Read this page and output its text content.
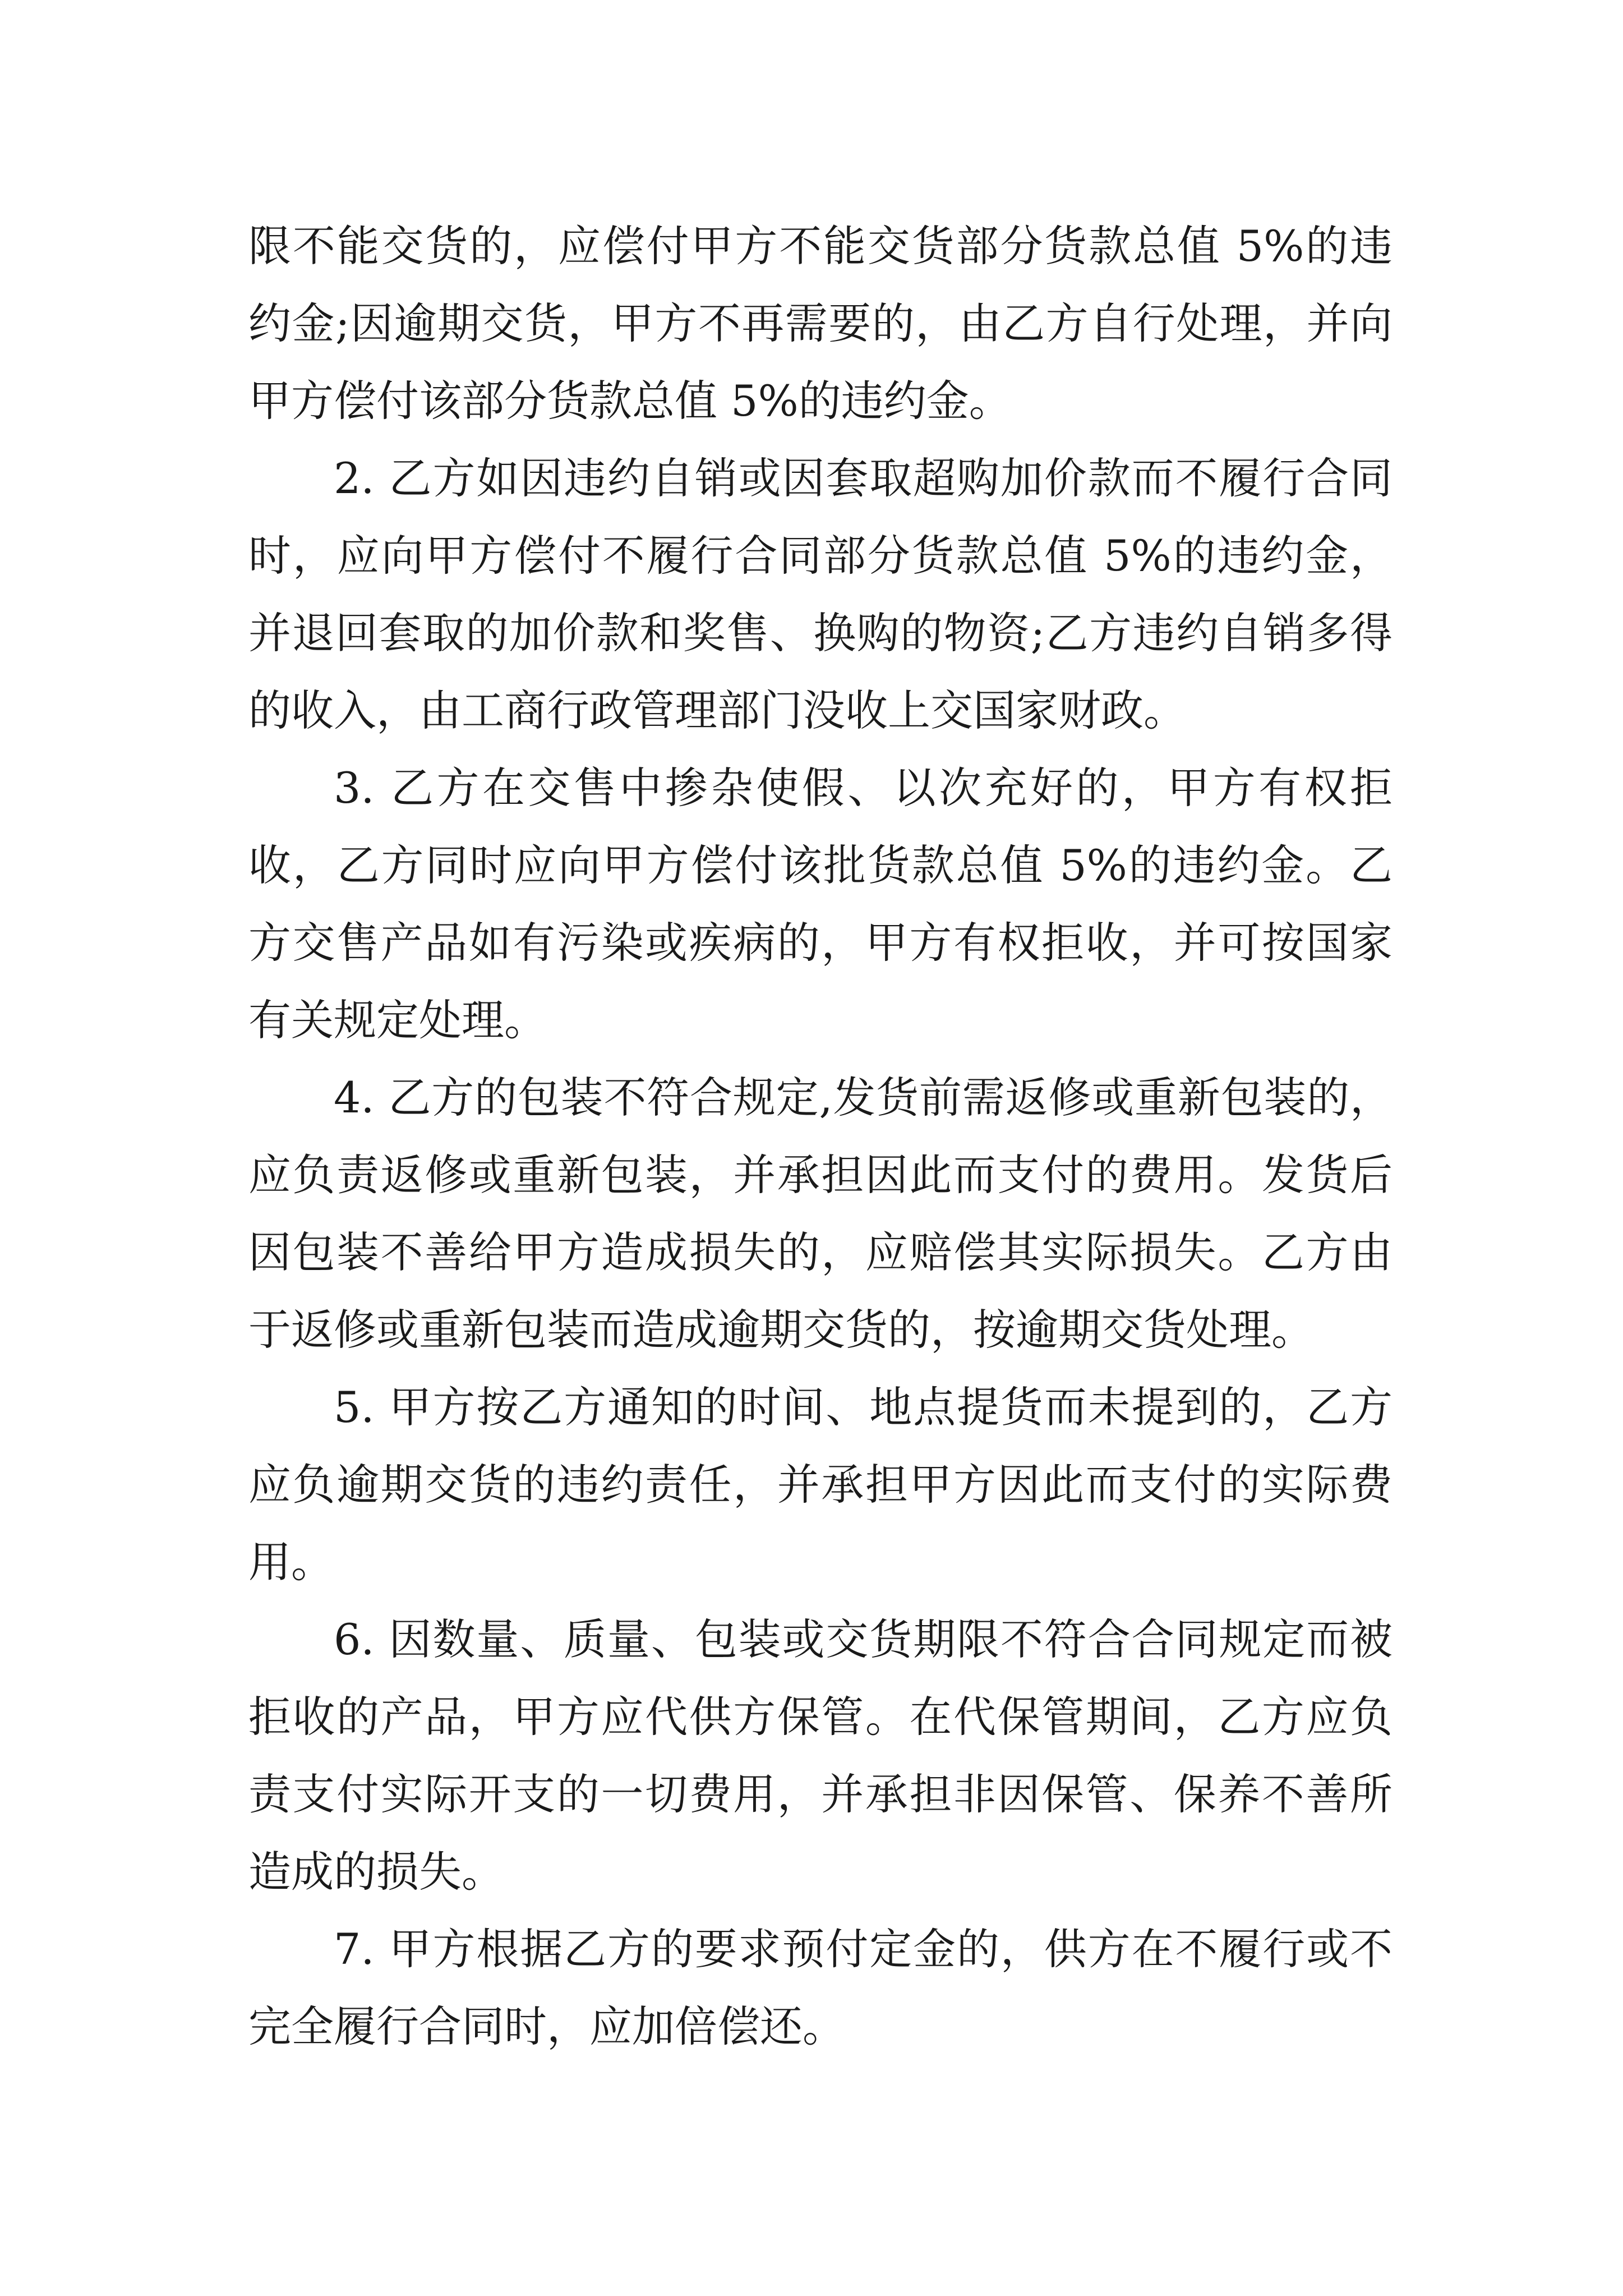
限不能交货的，应偿付甲方不能交货部分货款总值 5%的违约金;因逾期交货，甲方不再需要的，由乙方自行处理，并向甲方偿付该部分货款总值 5%的违约金。

2. 乙方如因违约自销或因套取超购加价款而不履行合同时，应向甲方偿付不履行合同部分货款总值 5%的违约金，并退回套取的加价款和奖售、换购的物资;乙方违约自销多得的收入，由工商行政管理部门没收上交国家财政。

3. 乙方在交售中掺杂使假、以次充好的，甲方有权拒收，乙方同时应向甲方偿付该批货款总值 5%的违约金。乙方交售产品如有污染或疾病的，甲方有权拒收，并可按国家有关规定处理。

4. 乙方的包装不符合规定,发货前需返修或重新包装的，应负责返修或重新包装，并承担因此而支付的费用。发货后因包装不善给甲方造成损失的，应赔偿其实际损失。乙方由于返修或重新包装而造成逾期交货的，按逾期交货处理。

5. 甲方按乙方通知的时间、地点提货而未提到的，乙方应负逾期交货的违约责任，并承担甲方因此而支付的实际费用。

6. 因数量、质量、包装或交货期限不符合合同规定而被拒收的产品，甲方应代供方保管。在代保管期间，乙方应负责支付实际开支的一切费用，并承担非因保管、保养不善所造成的损失。

7. 甲方根据乙方的要求预付定金的，供方在不履行或不完全履行合同时，应加倍偿还。
